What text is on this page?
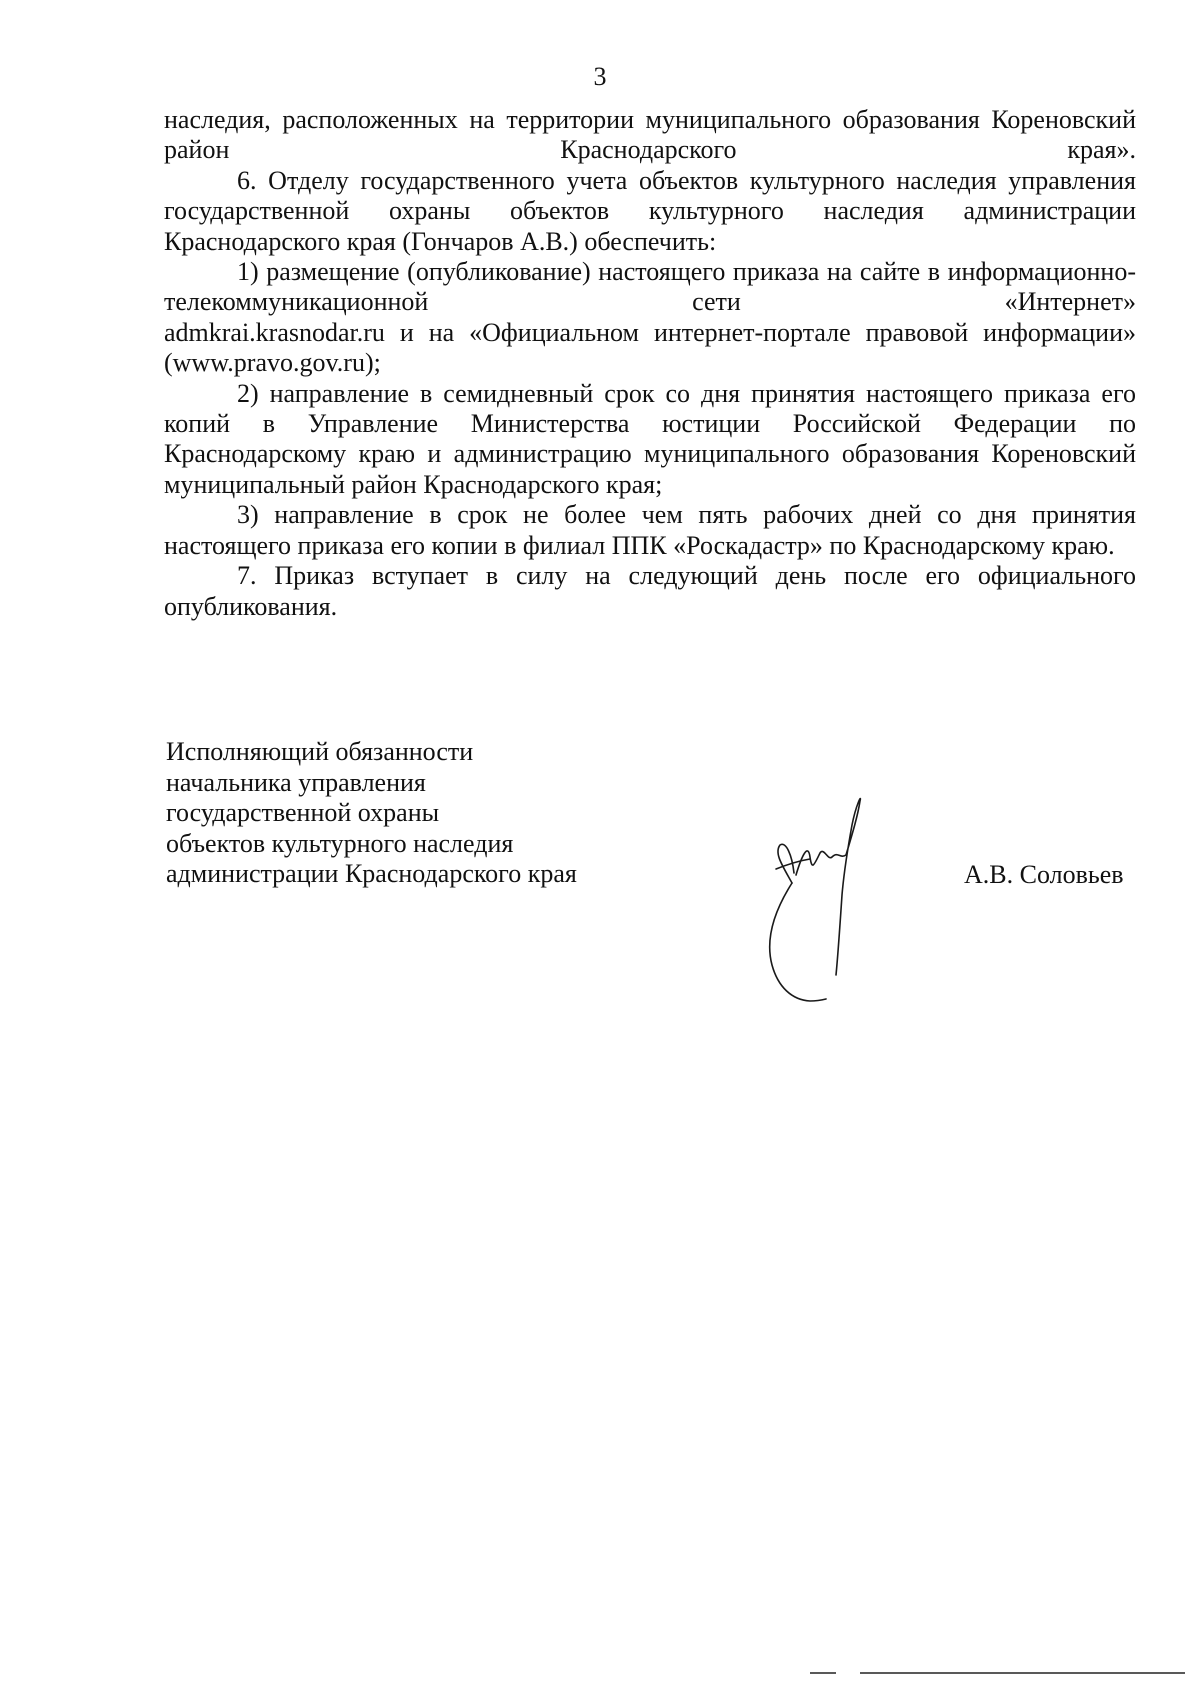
3

наследия, расположенных на территории муниципального образования Кореновский район Краснодарского края».

6. Отделу государственного учета объектов культурного наследия управления государственной охраны объектов культурного наследия администрации Краснодарского края (Гончаров А.В.) обеспечить:

1) размещение (опубликование) настоящего приказа на сайте в информационно-телекоммуникационной сети «Интернет»

admkrai.krasnodar.ru и на «Официальном интернет-портале правовой информации» (www.pravo.gov.ru);

2) направление в семидневный срок со дня принятия настоящего приказа его копий в Управление Министерства юстиции Российской Федерации по Краснодарскому краю и администрацию муниципального образования Кореновский муниципальный район Краснодарского края;

3) направление в срок не более чем пять рабочих дней со дня принятия настоящего приказа его копии в филиал ППК «Роскадастр» по Краснодарскому краю.

7. Приказ вступает в силу на следующий день после его официального опубликования.

Исполняющий обязанности
начальника управления
государственной охраны
объектов культурного наследия
администрации Краснодарского края	А.В. Соловьев
